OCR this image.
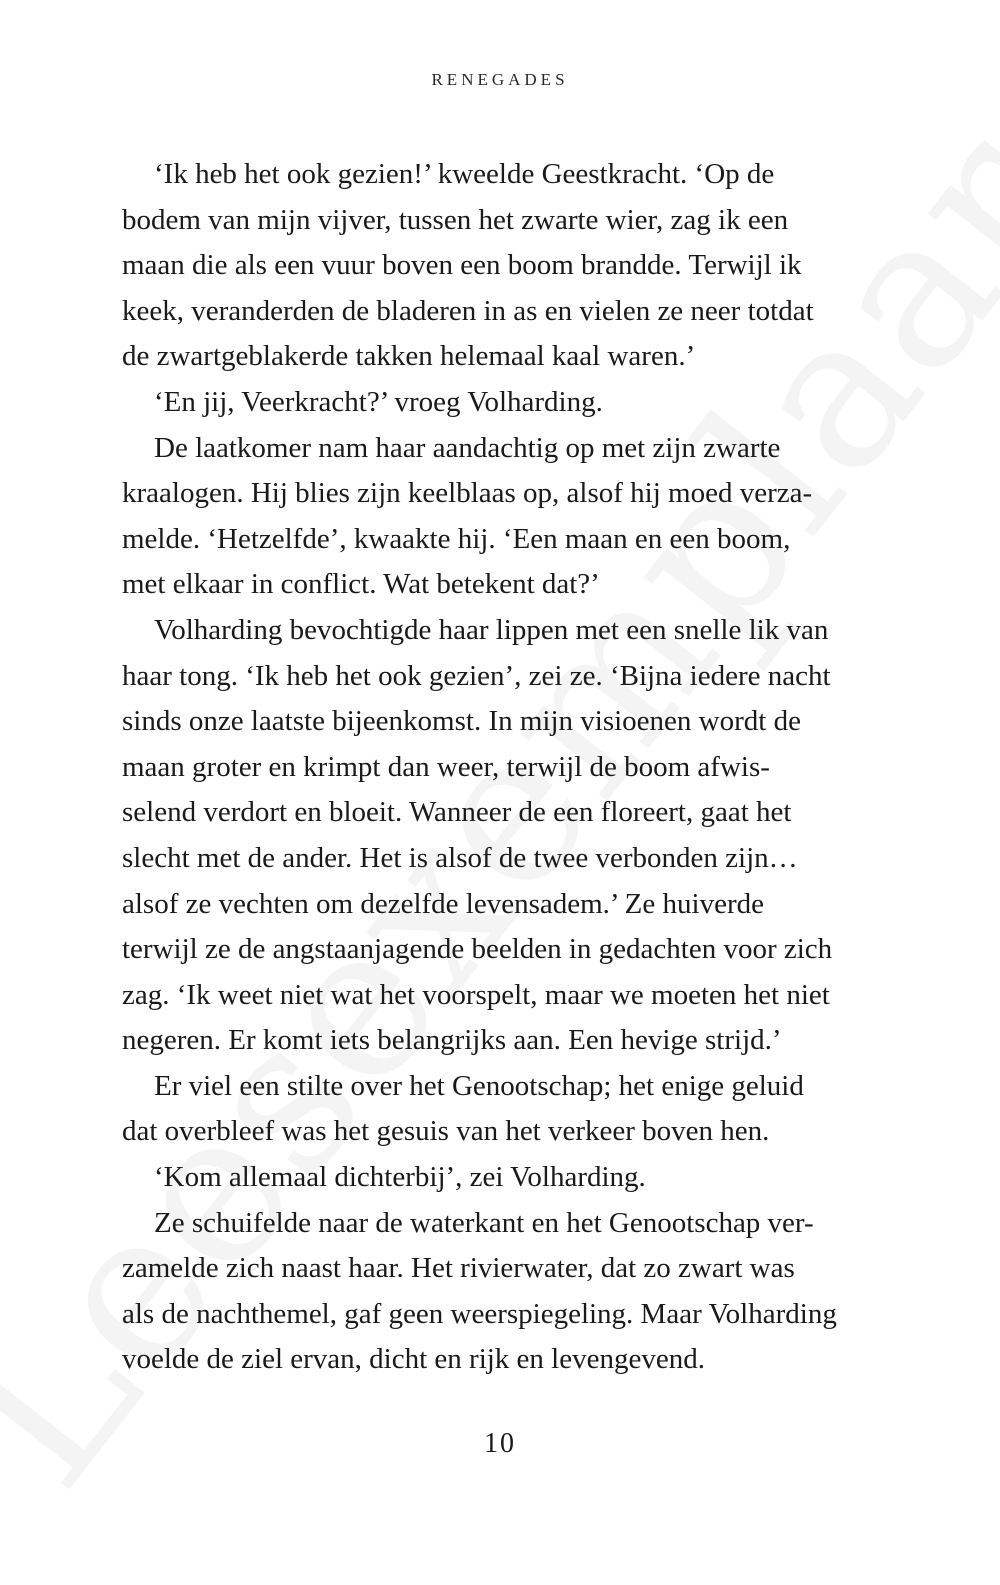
RENEGADES
‘Ik heb het ook gezien!’ kweelde Geestkracht. ‘Op de
bodem van mijn vijver, tussen het zwarte wier, zag ik een
maan die als een vuur boven een boom brandde. Terwijl ik
keek, veranderden de bladeren in as en vielen ze neer totdat
de zwartgeblakerde takken helemaal kaal waren.’
‘En jij, Veerkracht?’ vroeg Volharding.
De laatkomer nam haar aandachtig op met zijn zwarte
kraalogen. Hij blies zijn keelblaas op, alsof hij moed verza-
melde. ‘Hetzelfde’, kwaakte hij. ‘Een maan en een boom,
met elkaar in conflict. Wat betekent dat?’
Volharding bevochtigde haar lippen met een snelle lik van
haar tong. ‘Ik heb het ook gezien’, zei ze. ‘Bijna iedere nacht
sinds onze laatste bijeenkomst. In mijn visioenen wordt de
maan groter en krimpt dan weer, terwijl de boom afwis-
selend verdort en bloeit. Wanneer de een floreert, gaat het
slecht met de ander. Het is alsof de twee verbonden zijn…
alsof ze vechten om dezelfde levensadem.’ Ze huiverde
terwijl ze de angstaanjagende beelden in gedachten voor zich
zag. ‘Ik weet niet wat het voorspelt, maar we moeten het niet
negeren. Er komt iets belangrijks aan. Een hevige strijd.’
Er viel een stilte over het Genootschap; het enige geluid
dat overbleef was het gesuis van het verkeer boven hen.
‘Kom allemaal dichterbij’, zei Volharding.
Ze schuifelde naar de waterkant en het Genootschap ver-
zamelde zich naast haar. Het rivierwater, dat zo zwart was
als de nachthemel, gaf geen weerspiegeling. Maar Volharding
voelde de ziel ervan, dicht en rijk en levengevend.
10
